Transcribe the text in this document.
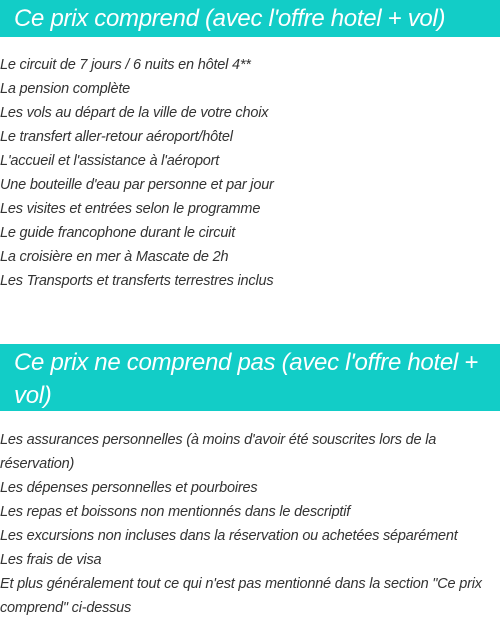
Ce prix comprend (avec l'offre hotel + vol)
Le circuit de 7 jours / 6 nuits en hôtel 4**
La pension complète
Les vols au départ de la ville de votre choix
Le transfert aller-retour aéroport/hôtel
L'accueil et l'assistance à l'aéroport
Une bouteille d'eau par personne et par jour
Les visites et entrées selon le programme
Le guide francophone durant le circuit
La croisière en mer à Mascate de 2h
Les Transports et transferts terrestres inclus
Ce prix ne comprend pas (avec l'offre hotel + vol)
Les assurances personnelles (à moins d'avoir été souscrites lors de la réservation)
Les dépenses personnelles et pourboires
Les repas et boissons non mentionnés dans le descriptif
Les excursions non incluses dans la réservation ou achetées séparément
Les frais de visa
Et plus généralement tout ce qui n'est pas mentionné dans la section "Ce prix comprend" ci-dessus
